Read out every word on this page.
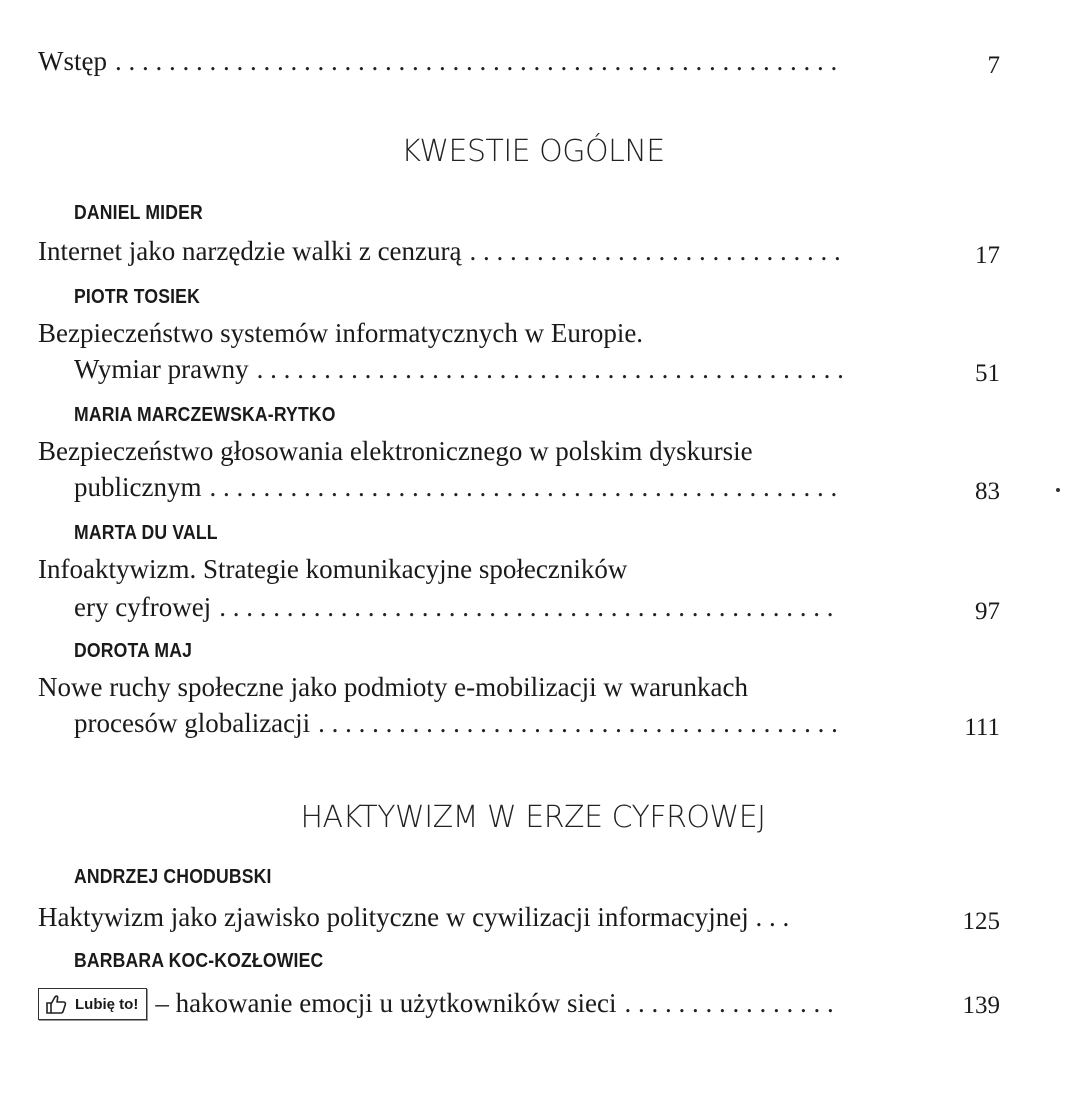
Wstęp . . .	7
KWESTIE OGÓLNE
DANIEL MIDER
Internet jako narzędzie walki z cenzurą . . .	17
PIOTR TOSIEK
Bezpieczeństwo systemów informatycznych w Europie.
Wymiar prawny . . .	51
MARIA MARCZEWSKA-RYTKO
Bezpieczeństwo głosowania elektronicznego w polskim dyskursie
publicznym . . .	83
MARTA DU VALL
Infoaktywizm. Strategie komunikacyjne społeczników
ery cyfrowej . . .	97
DOROTA MAJ
Nowe ruchy społeczne jako podmioty e-mobilizacji w warunkach
procesów globalizacji . . .	111
HAKTYWIZM W ERZE CYFROWEJ
ANDRZEJ CHODUBSKI
Haktywizm jako zjawisko polityczne w cywilizacji informacyjnej . . .	125
BARBARA KOC-KOZŁOWIEC
Lubię to! – hakowanie emocji u użytkowników sieci . . .	139
